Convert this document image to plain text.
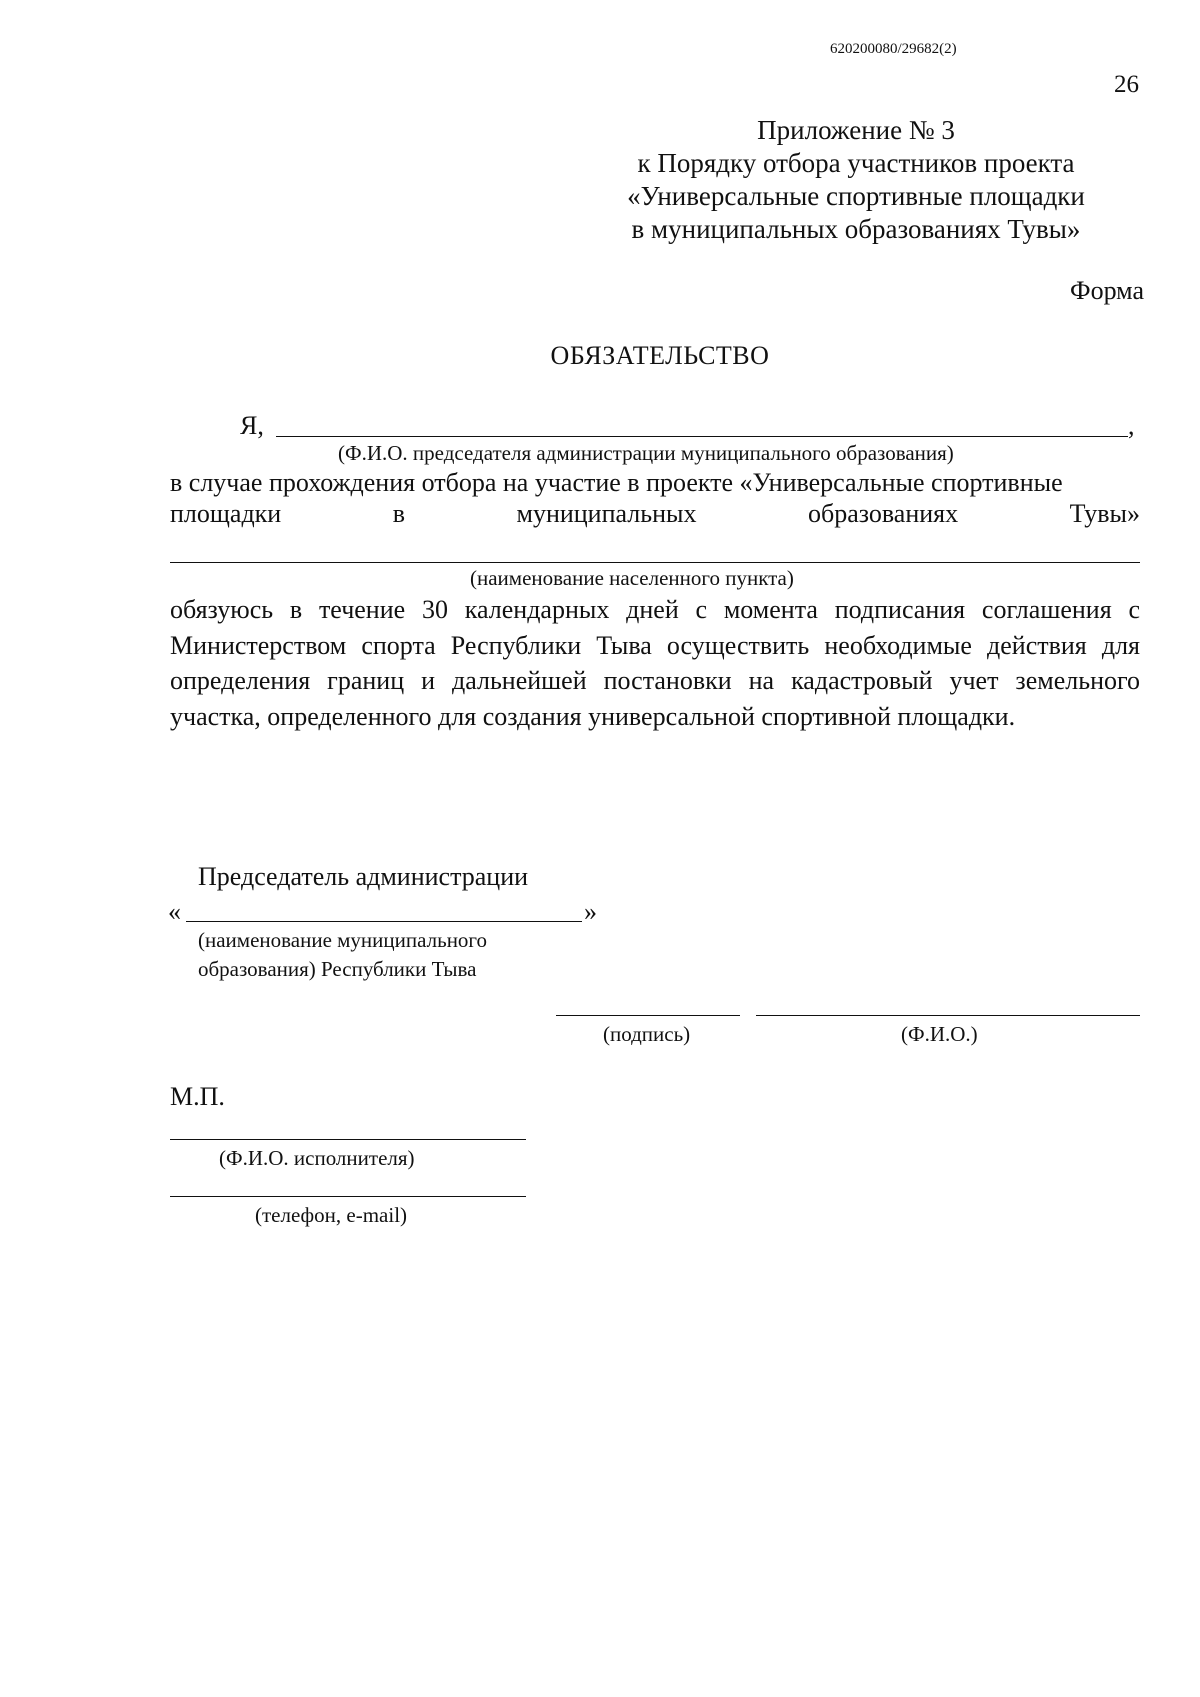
620200080/29682(2)
26
Приложение № 3
к Порядку отбора участников проекта
«Универсальные спортивные площадки
в муниципальных образованиях Тувы»
Форма
ОБЯЗАТЕЛЬСТВО
Я,	,
(Ф.И.О. председателя администрации муниципального образования)
в случае прохождения отбора на участие в проекте «Универсальные спортивные
площадки	в	муниципальных	образованиях	Тувы»
(наименование населенного пункта)
обязуюсь в течение 30 календарных дней с момента подписания соглашения с Министерством спорта Республики Тыва осуществить необходимые действия для определения границ и дальнейшей постановки на кадастровый учет земельного участка, определенного для создания универсальной спортивной площадки.
Председатель администрации
«	»
(наименование муниципального
образования) Республики Тыва
(подпись)	(Ф.И.О.)
М.П.
(Ф.И.О. исполнителя)
(телефон, e-mail)
